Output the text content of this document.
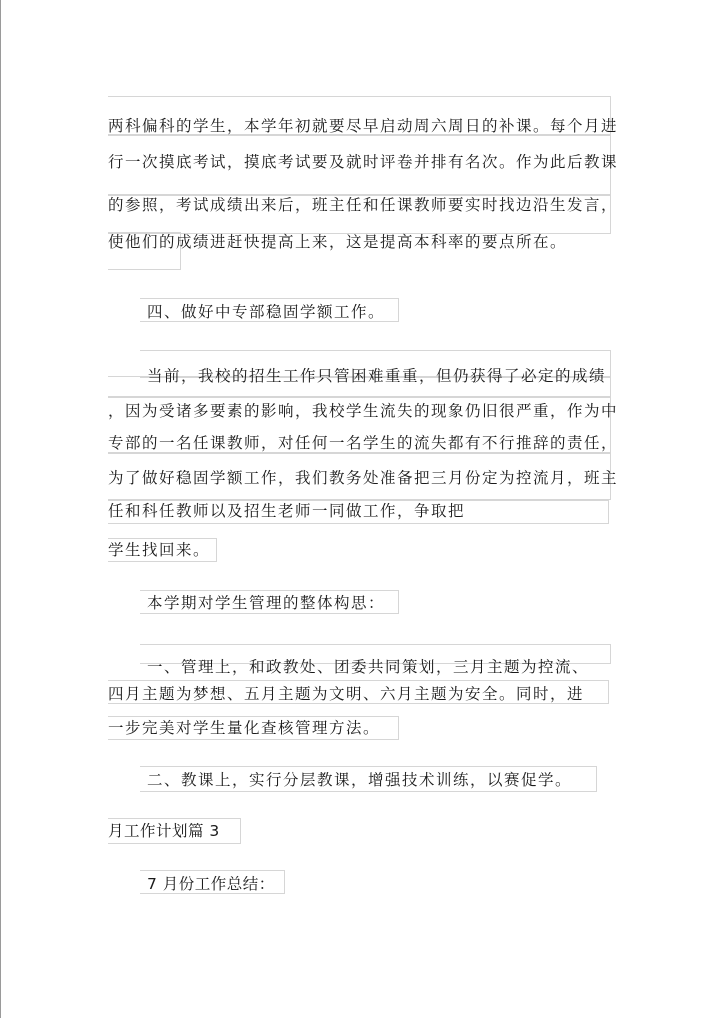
两科偏科的学生，本学年初就要尽早启动周六周日的补课。每个月进
行一次摸底考试，摸底考试要及就时评卷并排有名次。作为此后教课
的参照，考试成绩出来后，班主任和任课教师要实时找边沿生发言，
使他们的成绩进赶快提高上来，这是提高本科率的要点所在。
四、做好中专部稳固学额工作。
当前，我校的招生工作只管困难重重，但仍获得了必定的成绩
，因为受诸多要素的影响，我校学生流失的现象仍旧很严重，作为中
专部的一名任课教师，对任何一名学生的流失都有不行推辞的责任，
为了做好稳固学额工作，我们教务处准备把三月份定为控流月，班主
任和科任教师以及招生老师一同做工作，争取把
学生找回来。
本学期对学生管理的整体构思：
一、管理上，和政教处、团委共同策划，三月主题为控流、
四月主题为梦想、五月主题为文明、六月主题为安全。同时，进
一步完美对学生量化查核管理方法。
二、教课上，实行分层教课，增强技术训练，以赛促学。
月工作计划篇 3
7 月份工作总结：
